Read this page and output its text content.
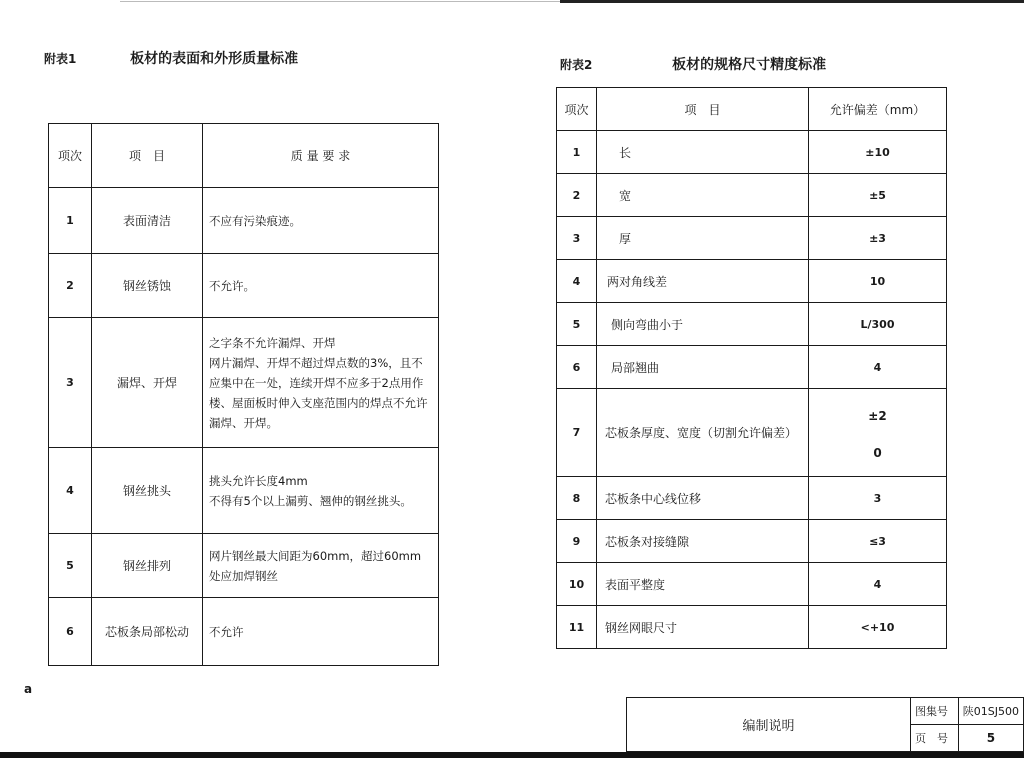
附表1	板材的表面和外形质量标准
项次	项　目	质 量 要 求
1	表面清洁	不应有污染痕迹。
2	钢丝锈蚀	不允许。
3	漏焊、开焊	之字条不允许漏焊、开焊
网片漏焊、开焊不超过焊点数的3%，且不应集中在一处，连续开焊不应多于2点用作楼、屋面板时伸入支座范围内的焊点不允许漏焊、开焊。
4	钢丝挑头	挑头允许长度4mm
不得有5个以上漏剪、翘伸的钢丝挑头。
5	钢丝排列	网片钢丝最大间距为60mm，超过60mm处应加焊钢丝
6	芯板条局部松动	不允许
附表2	板材的规格尺寸精度标准
项次	项　目	允许偏差（mm）
1	长	±10
2	宽	±5
3	厚	±3
4	两对角线差	10
5	侧向弯曲小于	L/300
6	局部翘曲	4
7	芯板条厚度、宽度（切割允许偏差）	±2
0

8	芯板条中心线位移	3
9	芯板条对接缝隙	≤3
10	表面平整度	4
11	钢丝网眼尺寸	<+10
a
编制说明	图集号	陕01SJ500
	页　号	5
